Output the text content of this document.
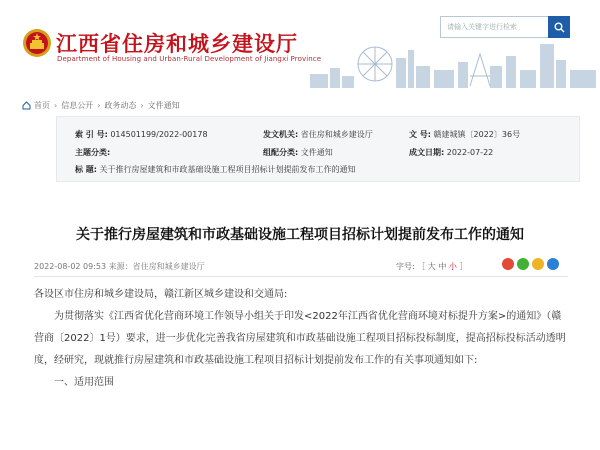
江西省住房和城乡建设厅
Department of Housing and Urban-Rural Development of Jiangxi Province
请输入关键字进行检索
首页 › 信息公开 › 政务动态 › 文件通知
索 引 号: 014501199/2022-00178	发文机关: 省住房和城乡建设厅	文 号: 赣建城镇〔2022〕36号
主题分类:	组配分类: 文件通知	成文日期: 2022-07-22
标 题: 关于推行房屋建筑和市政基础设施工程项目招标计划提前发布工作的通知
关于推行房屋建筑和市政基础设施工程项目招标计划提前发布工作的通知
2022-08-02 09:53 来源：省住房和城乡建设厅	字号: ［ 大 中 小 ］

各设区市住房和城乡建设局，赣江新区城乡建设和交通局:

为贯彻落实《江西省优化营商环境工作领导小组关于印发<2022年江西省优化营商环境对标提升方案>的通知》（赣营商〔2022〕1号）要求，进一步优化完善我省房屋建筑和市政基础设施工程项目招标投标制度，提高招标投标活动透明度，经研究，现就推行房屋建筑和市政基础设施工程项目招标计划提前发布工作的有关事项通知如下:

一、适用范围
